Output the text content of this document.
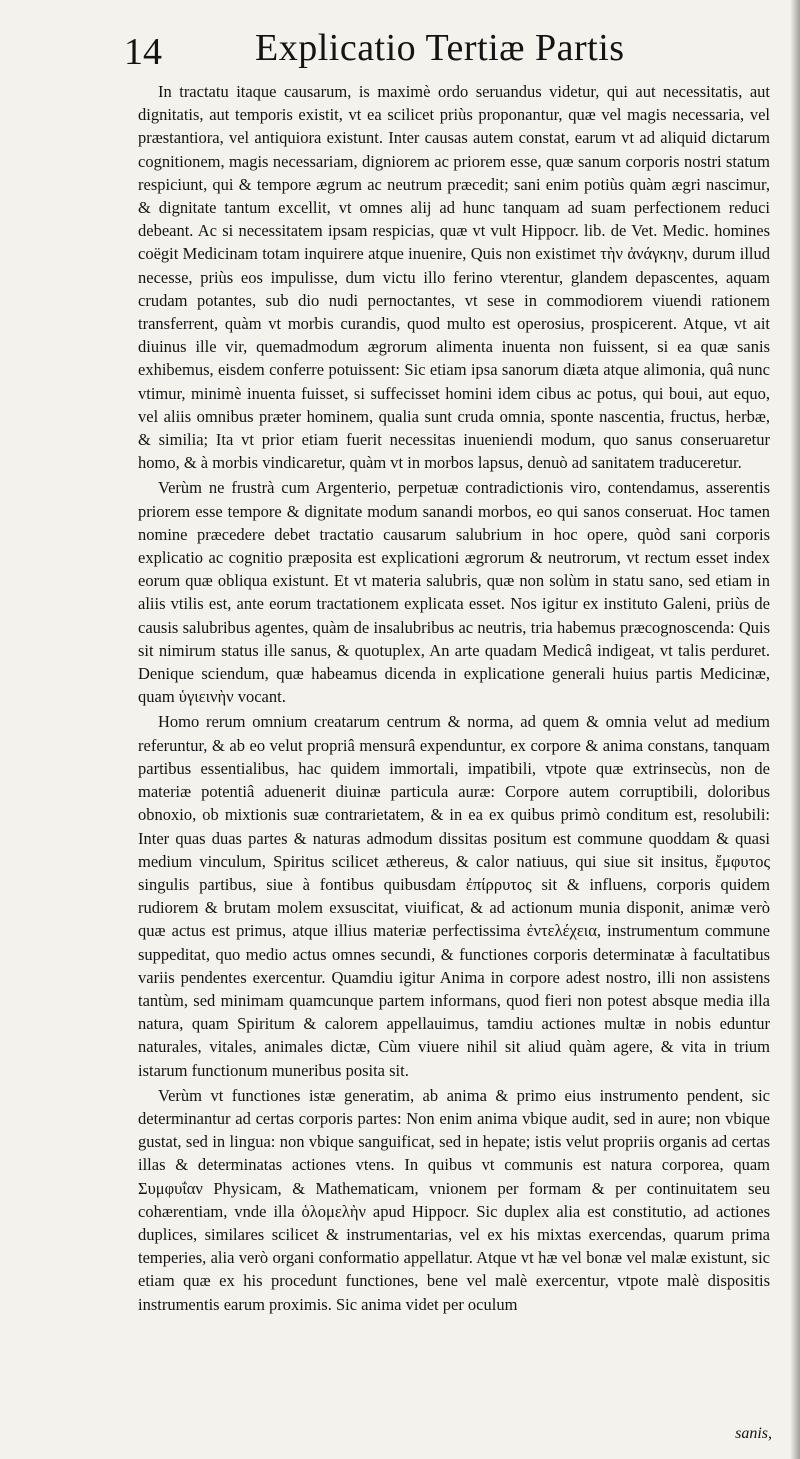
14 Explicatio Tertiæ Partis

In tractatu itaque causarum, is maximè ordo seruandus videtur, qui aut necessitatis, aut dignitatis, aut temporis existit, vt ea scilicet priùs proponantur, quæ vel magis necessaria, vel præstantiora, vel antiquiora existunt. Inter causas autem constat, earum vt ad aliquid dictarum cognitionem, magis necessariam, digniorem ac priorem esse, quæ sanum corporis nostri statum respiciunt, qui & tempore ægrum ac neutrum præcedit; sani enim potiùs quàm ægri nascimur, & dignitate tantum excellit, vt omnes alij ad hunc tanquam ad suam perfectionem reduci debeant. Ac si necessitatem ipsam respicias, quæ vt vult Hippocr. lib. de Vet. Medic. homines coëgit Medicinam totam inquirere atque inuenire, Quis non existimet τὴν ἀνάγκην, durum illud necesse, priùs eos impulisse, dum victu illo ferino vterentur, glandem depascentes, aquam crudam potantes, sub dio nudi pernoctantes, vt sese in commodiorem viuendi rationem transferrent, quàm vt morbis curandis, quod multo est operosius, prospicerent. Atque, vt ait diuinus ille vir, quemadmodum ægrorum alimenta inuenta non fuissent, si ea quæ sanis exhibemus, eisdem conferre potuissent: Sic etiam ipsa sanorum diæta atque alimonia, quâ nunc vtimur, minimè inuenta fuisset, si suffecisset homini idem cibus ac potus, qui boui, aut equo, vel aliis omnibus præter hominem, qualia sunt cruda omnia, sponte nascentia, fructus, herbæ, & similia; Ita vt prior etiam fuerit necessitas inueniendi modum, quo sanus conseruaretur homo, & à morbis vindicaretur, quàm vt in morbos lapsus, denuò ad sanitatem traduceretur.

Verùm ne frustrà cum Argenterio, perpetuæ contradictionis viro, contendamus, asserentis priorem esse tempore & dignitate modum sanandi morbos, eo qui sanos conseruat. Hoc tamen nomine præcedere debet tractatio causarum salubrium in hoc opere, quòd sani corporis explicatio ac cognitio præposita est explicationi ægrorum & neutrorum, vt rectum esset index eorum quæ obliqua existunt. Et vt materia salubris, quæ non solùm in statu sano, sed etiam in aliis vtilis est, ante eorum tractationem explicata esset. Nos igitur ex instituto Galeni, priùs de causis salubribus agentes, quàm de insalubribus ac neutris, tria habemus præcognoscenda: Quis sit nimirum status ille sanus, & quotuplex, An arte quadam Medicâ indigeat, vt talis perduret. Denique sciendum, quæ habeamus dicenda in explicatione generali huius partis Medicinæ, quam ὑγιεινὴν vocant.

Homo rerum omnium creatarum centrum & norma, ad quem & omnia velut ad medium referuntur, & ab eo velut propriâ mensurâ expenduntur, ex corpore & anima constans, tanquam partibus essentialibus, hac quidem immortali, impatibili, vtpote quæ extrinsecùs, non de materiæ potentiâ aduenerit diuinæ particula auræ: Corpore autem corruptibili, doloribus obnoxio, ob mixtionis suæ contrarietatem, & in ea ex quibus primò conditum est, resolubili: Inter quas duas partes & naturas admodum dissitas positum est commune quoddam & quasi medium vinculum, Spiritus scilicet æthereus, & calor natiuus, qui siue sit insitus, ἔμφυτος singulis partibus, siue à fontibus quibusdam ἐπίρρυτος sit & influens, corporis quidem rudiorem & brutam molem exsuscitat, viuificat, & ad actionum munia disponit, animæ verò quæ actus est primus, atque illius materiæ perfectissima ἐντελέχεια, instrumentum commune suppeditat, quo medio actus omnes secundi, & functiones corporis determinatæ à facultatibus variis pendentes exercentur. Quamdiu igitur Anima in corpore adest nostro, illi non assistens tantùm, sed minimam quamcunque partem informans, quod fieri non potest absque media illa natura, quam Spiritum & calorem appellauimus, tamdiu actiones multæ in nobis eduntur naturales, vitales, animales dictæ, Cùm viuere nihil sit aliud quàm agere, & vita in trium istarum functionum muneribus posita sit.

Verùm vt functiones istæ generatim, ab anima & primo eius instrumento pendent, sic determinantur ad certas corporis partes: Non enim anima vbique audit, sed in aure; non vbique gustat, sed in lingua: non vbique sanguificat, sed in hepate; istis velut propriis organis ad certas illas & determinatas actiones vtens. In quibus vt communis est natura corporea, quam Συμφυΐαν Physicam, & Mathematicam, vnionem per formam & per continuitatem seu cohærentiam, vnde illa ὁλομελὴν apud Hippocr. Sic duplex alia est constitutio, ad actiones duplices, similares scilicet & instrumentarias, vel ex his mixtas exercendas, quarum prima temperies, alia verò organi conformatio appellatur. Atque vt hæ vel bonæ vel malæ existunt, sic etiam quæ ex his procedunt functiones, bene vel malè exercentur, vtpote malè dispositis instrumentis earum proximis. Sic anima videt per oculum

sanis,
